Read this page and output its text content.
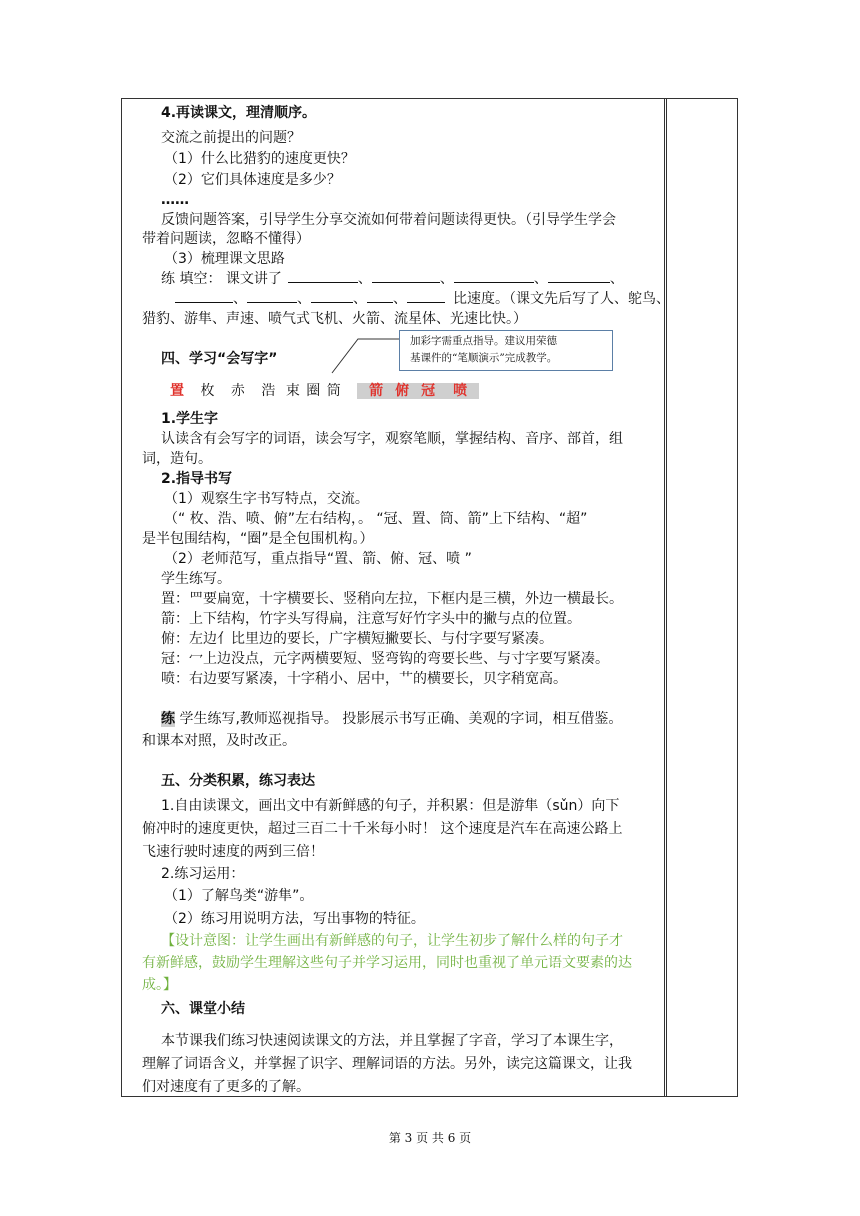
4.再读课文，理清顺序。
交流之前提出的问题？
（1）什么比猎豹的速度更快？
（2）它们具体速度是多少？
……
反馈问题答案，引导学生分享交流如何带着问题读得更快。（引导学生学会
带着问题读，忽略不懂得）
（3）梳理课文思路
练 填空： 课文讲了	、	、	、	、
、	、	、 、	比速度。（课文先后写了人、鸵鸟、
猎豹、游隼、声速、喷气式飞机、火箭、流星体、光速比快。）
加彩字需重点指导。建议用荣德
基课件的“笔顺演示”完成教学。
四、学习“会写字”
置 枚 赤 浩 束 圈 筒 箭 俯 冠 喷
1.学生字
认读含有会写字的词语，读会写字，观察笔顺，掌握结构、音序、部首，组
词，造句。
2.指导书写
（1）观察生字书写特点，交流。
（“ 枚、浩、喷、俯”左右结构，。 “冠、置、筒、箭”上下结构、“超”
是半包围结构，“圈”是全包围机构。）
（2）老师范写，重点指导“置、箭、俯、冠、喷 ”
学生练写。
置：罒要扁宽，十字横要长、竖稍向左拉，下框内是三横，外边一横最长。
箭：上下结构，竹字头写得扁，注意写好竹字头中的撇与点的位置。
俯：左边亻比里边的要长，广字横短撇要长、与付字要写紧凑。
冠：冖上边没点，元字两横要短、竖弯钩的弯要长些、与寸字要写紧凑。
喷：右边要写紧凑，十字稍小、居中，艹的横要长，贝字稍宽高。
练 学生练写,教师巡视指导。 投影展示书写正确、美观的字词，相互借鉴。
和课本对照，及时改正。
五、分类积累，练习表达
1.自由读课文，画出文中有新鲜感的句子，并积累：但是游隼（sǔn）向下
俯冲时的速度更快，超过三百二十千米每小时！ 这个速度是汽车在高速公路上
飞速行驶时速度的两到三倍！
2.练习运用：
（1）了解鸟类“游隼”。
（2）练习用说明方法，写出事物的特征。
【设计意图：让学生画出有新鲜感的句子，让学生初步了解什么样的句子才
有新鲜感，鼓励学生理解这些句子并学习运用，同时也重视了单元语文要素的达
成。】
六、课堂小结
本节课我们练习快速阅读课文的方法，并且掌握了字音，学习了本课生字，
理解了词语含义，并掌握了识字、理解词语的方法。另外，读完这篇课文，让我
们对速度有了更多的了解。
第 3 页 共 6 页
